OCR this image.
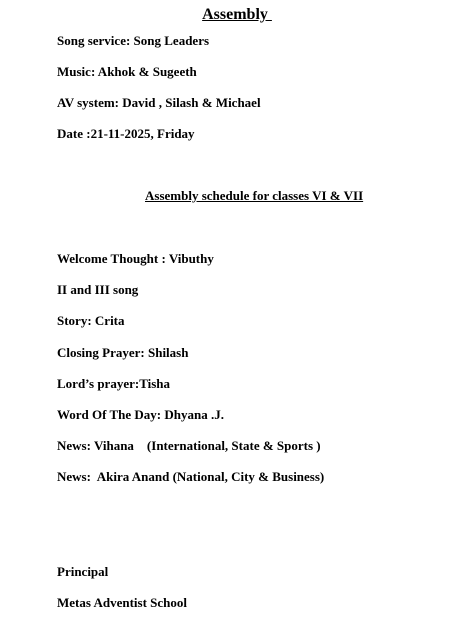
Assembly
Song service: Song Leaders
Music: Akhok & Sugeeth
AV system: David , Silash & Michael
Date :21-11-2025, Friday
Assembly schedule for classes VI & VII
Welcome Thought : Vibuthy
II and III song
Story: Crita
Closing Prayer: Shilash
Lord’s prayer:Tisha
Word Of The Day: Dhyana .J.
News: Vihana    (International, State & Sports )
News:  Akira Anand (National, City & Business)
Principal
Metas Adventist School
